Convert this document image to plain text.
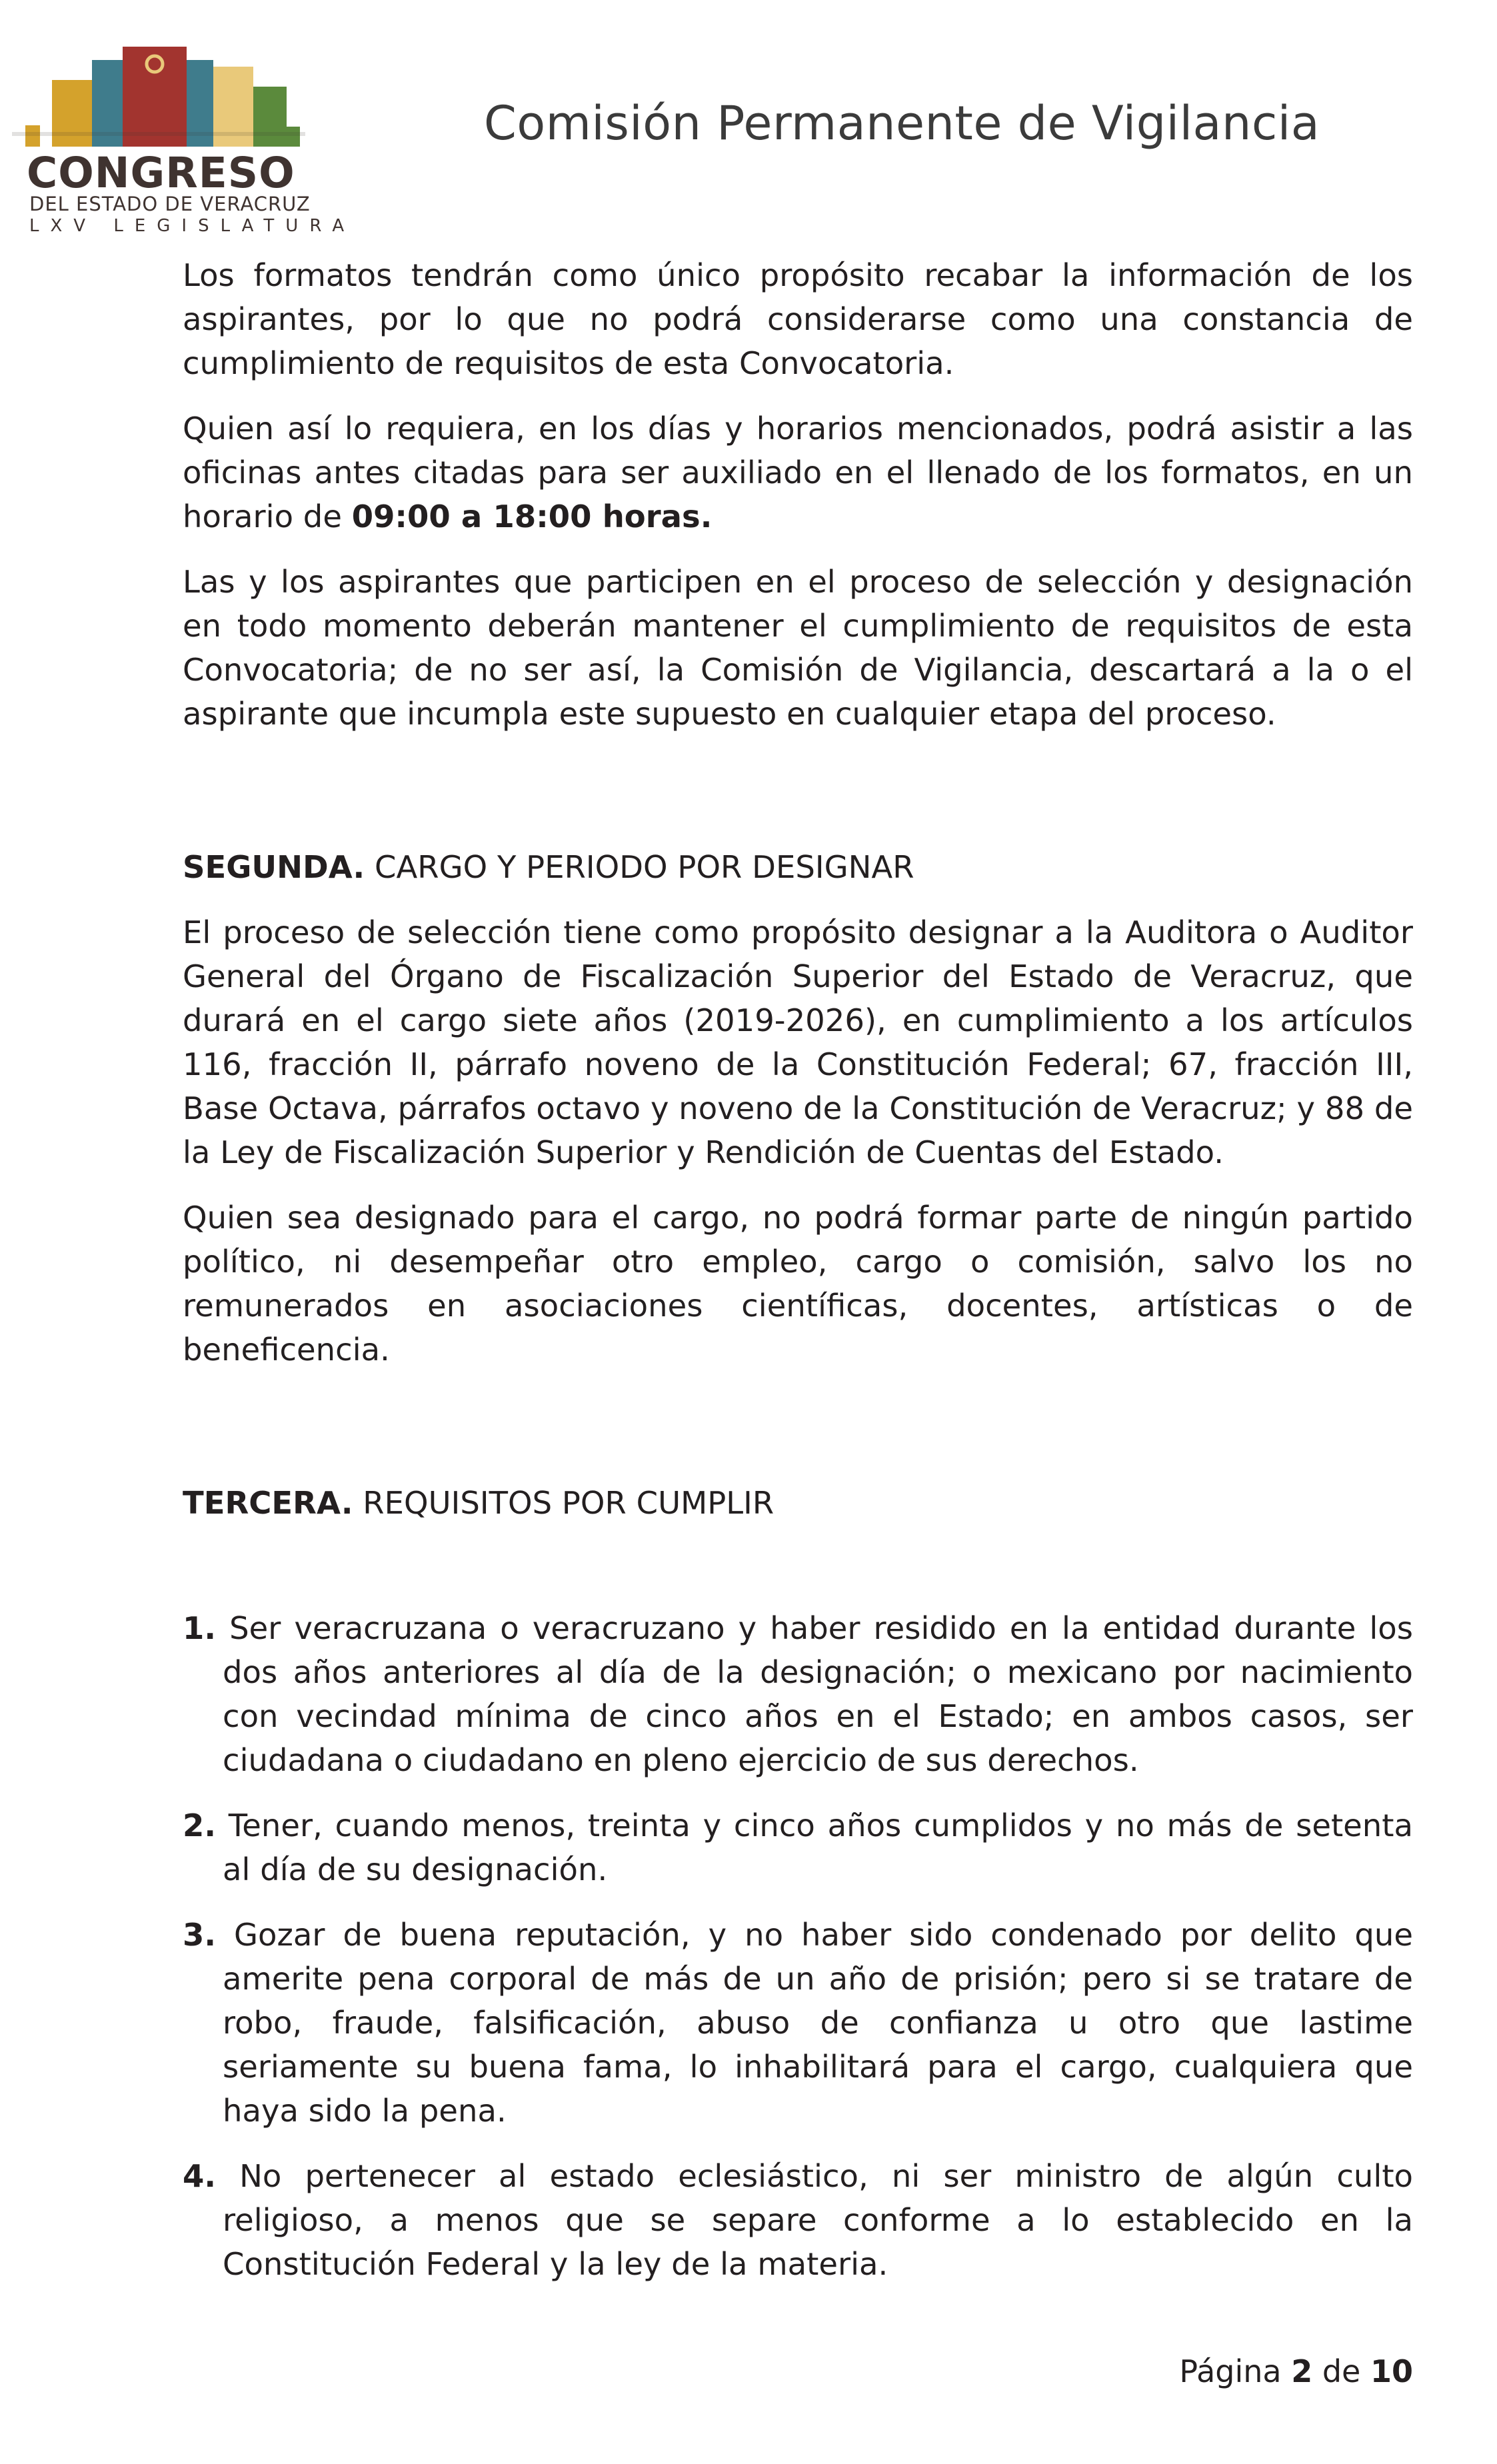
CONGRESO
DEL ESTADO DE VERACRUZ
LXV LEGISLATURA
Comisión Permanente de Vigilancia

Los formatos tendrán como único propósito recabar la información de los aspirantes, por lo que no podrá considerarse como una constancia de cumplimiento de requisitos de esta Convocatoria.

Quien así lo requiera, en los días y horarios mencionados, podrá asistir a las oficinas antes citadas para ser auxiliado en el llenado de los formatos, en un horario de 09:00 a 18:00 horas.

Las y los aspirantes que participen en el proceso de selección y designación en todo momento deberán mantener el cumplimiento de requisitos de esta Convocatoria; de no ser así, la Comisión de Vigilancia, descartará a la o el aspirante que incumpla este supuesto en cualquier etapa del proceso.

SEGUNDA. CARGO Y PERIODO POR DESIGNAR

El proceso de selección tiene como propósito designar a la Auditora o Auditor General del Órgano de Fiscalización Superior del Estado de Veracruz, que durará en el cargo siete años (2019-2026), en cumplimiento a los artículos 116, fracción II, párrafo noveno de la Constitución Federal; 67, fracción III, Base Octava, párrafos octavo y noveno de la Constitución de Veracruz; y 88 de la Ley de Fiscalización Superior y Rendición de Cuentas del Estado.

Quien sea designado para el cargo, no podrá formar parte de ningún partido político, ni desempeñar otro empleo, cargo o comisión, salvo los no remunerados en asociaciones científicas, docentes, artísticas o de beneficencia.

TERCERA. REQUISITOS POR CUMPLIR

1. Ser veracruzana o veracruzano y haber residido en la entidad durante los dos años anteriores al día de la designación; o mexicano por nacimiento con vecindad mínima de cinco años en el Estado; en ambos casos, ser ciudadana o ciudadano en pleno ejercicio de sus derechos.
2. Tener, cuando menos, treinta y cinco años cumplidos y no más de setenta al día de su designación.
3. Gozar de buena reputación, y no haber sido condenado por delito que amerite pena corporal de más de un año de prisión; pero si se tratare de robo, fraude, falsificación, abuso de confianza u otro que lastime seriamente su buena fama, lo inhabilitará para el cargo, cualquiera que haya sido la pena.
4. No pertenecer al estado eclesiástico, ni ser ministro de algún culto religioso, a menos que se separe conforme a lo establecido en la Constitución Federal y la ley de la materia.
Página 2 de 10
